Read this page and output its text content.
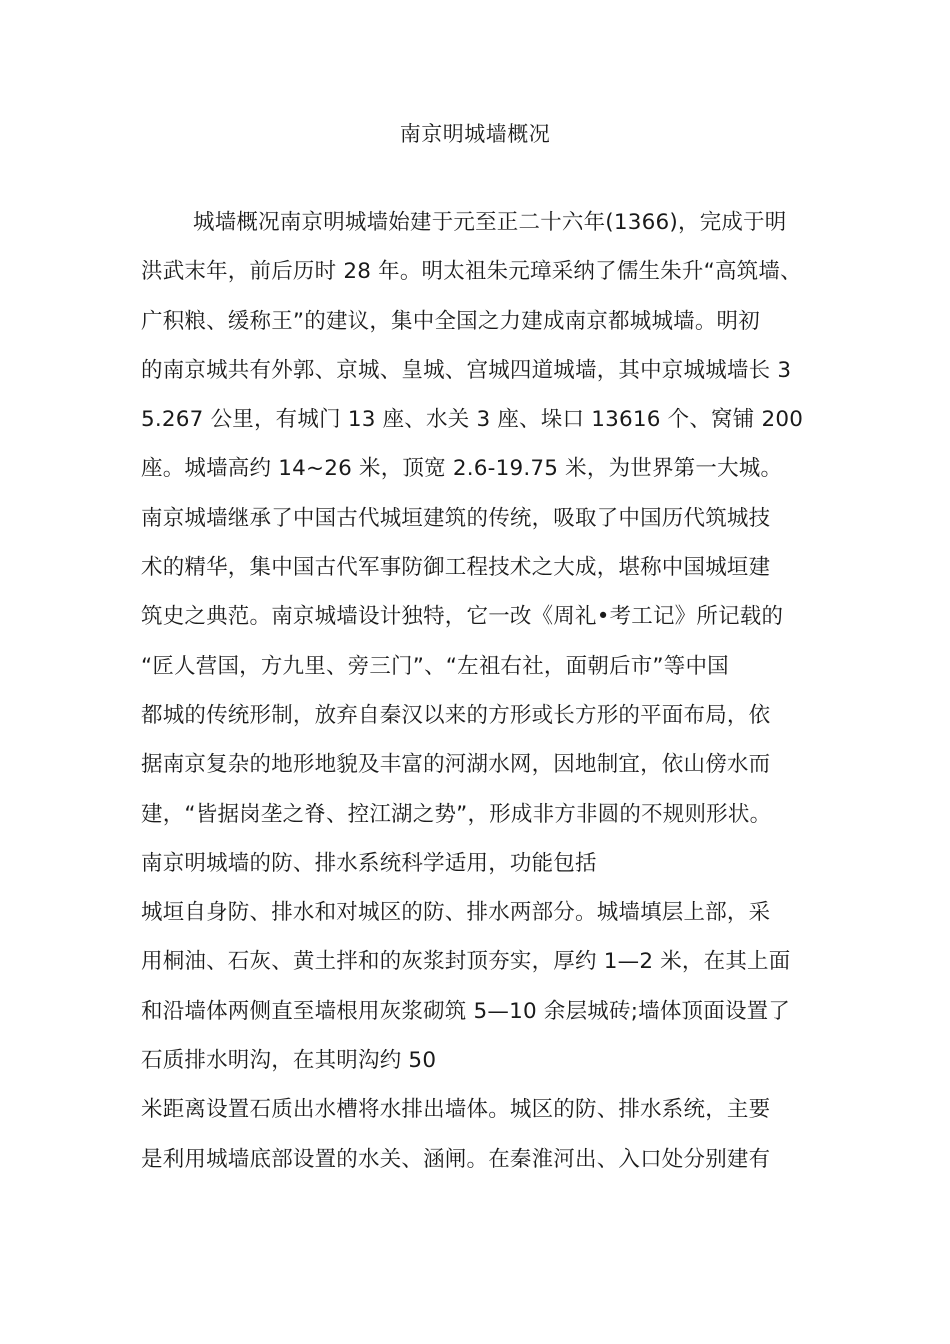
南京明城墙概况
城墙概况南京明城墙始建于元至正二十六年(1366)，完成于明
洪武末年，前后历时 28 年。明太祖朱元璋采纳了儒生朱升“高筑墙、
广积粮、缓称王”的建议，集中全国之力建成南京都城城墙。明初
的南京城共有外郭、京城、皇城、宫城四道城墙，其中京城城墙长 3
5.267 公里，有城门 13 座、水关 3 座、垛口 13616 个、窝铺 200
座。城墙高约 14~26 米，顶宽 2.6-19.75 米，为世界第一大城。
南京城墙继承了中国古代城垣建筑的传统，吸取了中国历代筑城技
术的精华，集中国古代军事防御工程技术之大成，堪称中国城垣建
筑史之典范。南京城墙设计独特，它一改《周礼•考工记》所记载的
“匠人营国，方九里、旁三门”、“左祖右社，面朝后市”等中国
都城的传统形制，放弃自秦汉以来的方形或长方形的平面布局，依
据南京复杂的地形地貌及丰富的河湖水网，因地制宜，依山傍水而
建，“皆据岗垄之脊、控江湖之势”，形成非方非圆的不规则形状。
南京明城墙的防、排水系统科学适用，功能包括
城垣自身防、排水和对城区的防、排水两部分。城墙填层上部，采
用桐油、石灰、黄土拌和的灰浆封顶夯实，厚约 1—2 米，在其上面
和沿墙体两侧直至墙根用灰浆砌筑 5—10 余层城砖;墙体顶面设置了
石质排水明沟，在其明沟约 50
米距离设置石质出水槽将水排出墙体。城区的防、排水系统，主要
是利用城墙底部设置的水关、涵闸。在秦淮河出、入口处分别建有
